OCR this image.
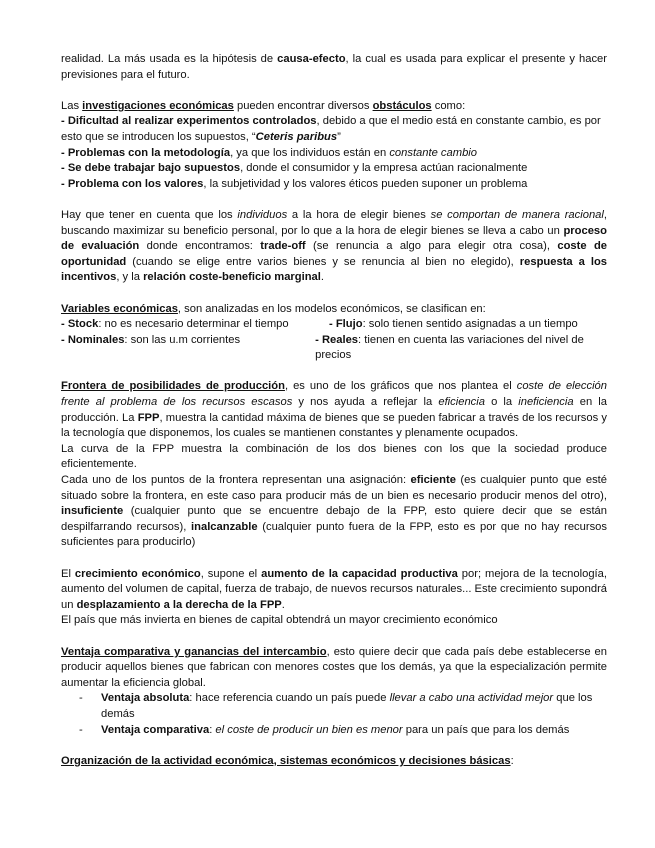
realidad. La más usada es la hipótesis de causa-efecto, la cual es usada para explicar el presente y hacer previsiones para el futuro.

Las investigaciones económicas pueden encontrar diversos obstáculos como:

- Dificultad al realizar experimentos controlados, debido a que el medio está en constante cambio, es por esto que se introducen los supuestos, “Ceteris paribus”

- Problemas con la metodología, ya que los individuos están en constante cambio

- Se debe trabajar bajo supuestos, donde el consumidor y la empresa actúan racionalmente

- Problema con los valores, la subjetividad y los valores éticos pueden suponer un problema

Hay que tener en cuenta que los individuos a la hora de elegir bienes se comportan de manera racional, buscando maximizar su beneficio personal, por lo que a la hora de elegir bienes se lleva a cabo un proceso de evaluación donde encontramos: trade-off (se renuncia a algo para elegir otra cosa), coste de oportunidad (cuando se elige entre varios bienes y se renuncia al bien no elegido), respuesta a los incentivos, y la relación coste-beneficio marginal.

Variables económicas, son analizadas en los modelos económicos, se clasifican en:

- Stock: no es necesario determinar el tiempo	- Flujo: solo tienen sentido asignadas a un tiempo
- Nominales: son las u.m corrientes	- Reales: tienen en cuenta las variaciones del nivel de precios

Frontera de posibilidades de producción, es uno de los gráficos que nos plantea el coste de elección frente al problema de los recursos escasos y nos ayuda a reflejar la eficiencia o la ineficiencia en la producción. La FPP, muestra la cantidad máxima de bienes que se pueden fabricar a través de los recursos y la tecnología que disponemos, los cuales se mantienen constantes y plenamente ocupados.

La curva de la FPP muestra la combinación de los dos bienes con los que la sociedad produce eficientemente.

Cada uno de los puntos de la frontera representan una asignación: eficiente (es cualquier punto que esté situado sobre la frontera, en este caso para producir más de un bien es necesario producir menos del otro), insuficiente (cualquier punto que se encuentre debajo de la FPP, esto quiere decir que se están despilfarrando recursos), inalcanzable (cualquier punto fuera de la FPP, esto es por que no hay recursos suficientes para producirlo)

El crecimiento económico, supone el aumento de la capacidad productiva por; mejora de la tecnología, aumento del volumen de capital, fuerza de trabajo, de nuevos recursos naturales... Este crecimiento supondrá un desplazamiento a la derecha de la FPP.

El país que más invierta en bienes de capital obtendrá un mayor crecimiento económico

Ventaja comparativa y ganancias del intercambio, esto quiere decir que cada país debe establecerse en producir aquellos bienes que fabrican con menores costes que los demás, ya que la especialización permite aumentar la eficiencia global.

-	Ventaja absoluta: hace referencia cuando un país puede llevar a cabo una actividad mejor que los demás
-	Ventaja comparativa: el coste de producir un bien es menor para un país que para los demás

Organización de la actividad económica, sistemas económicos y decisiones básicas:
